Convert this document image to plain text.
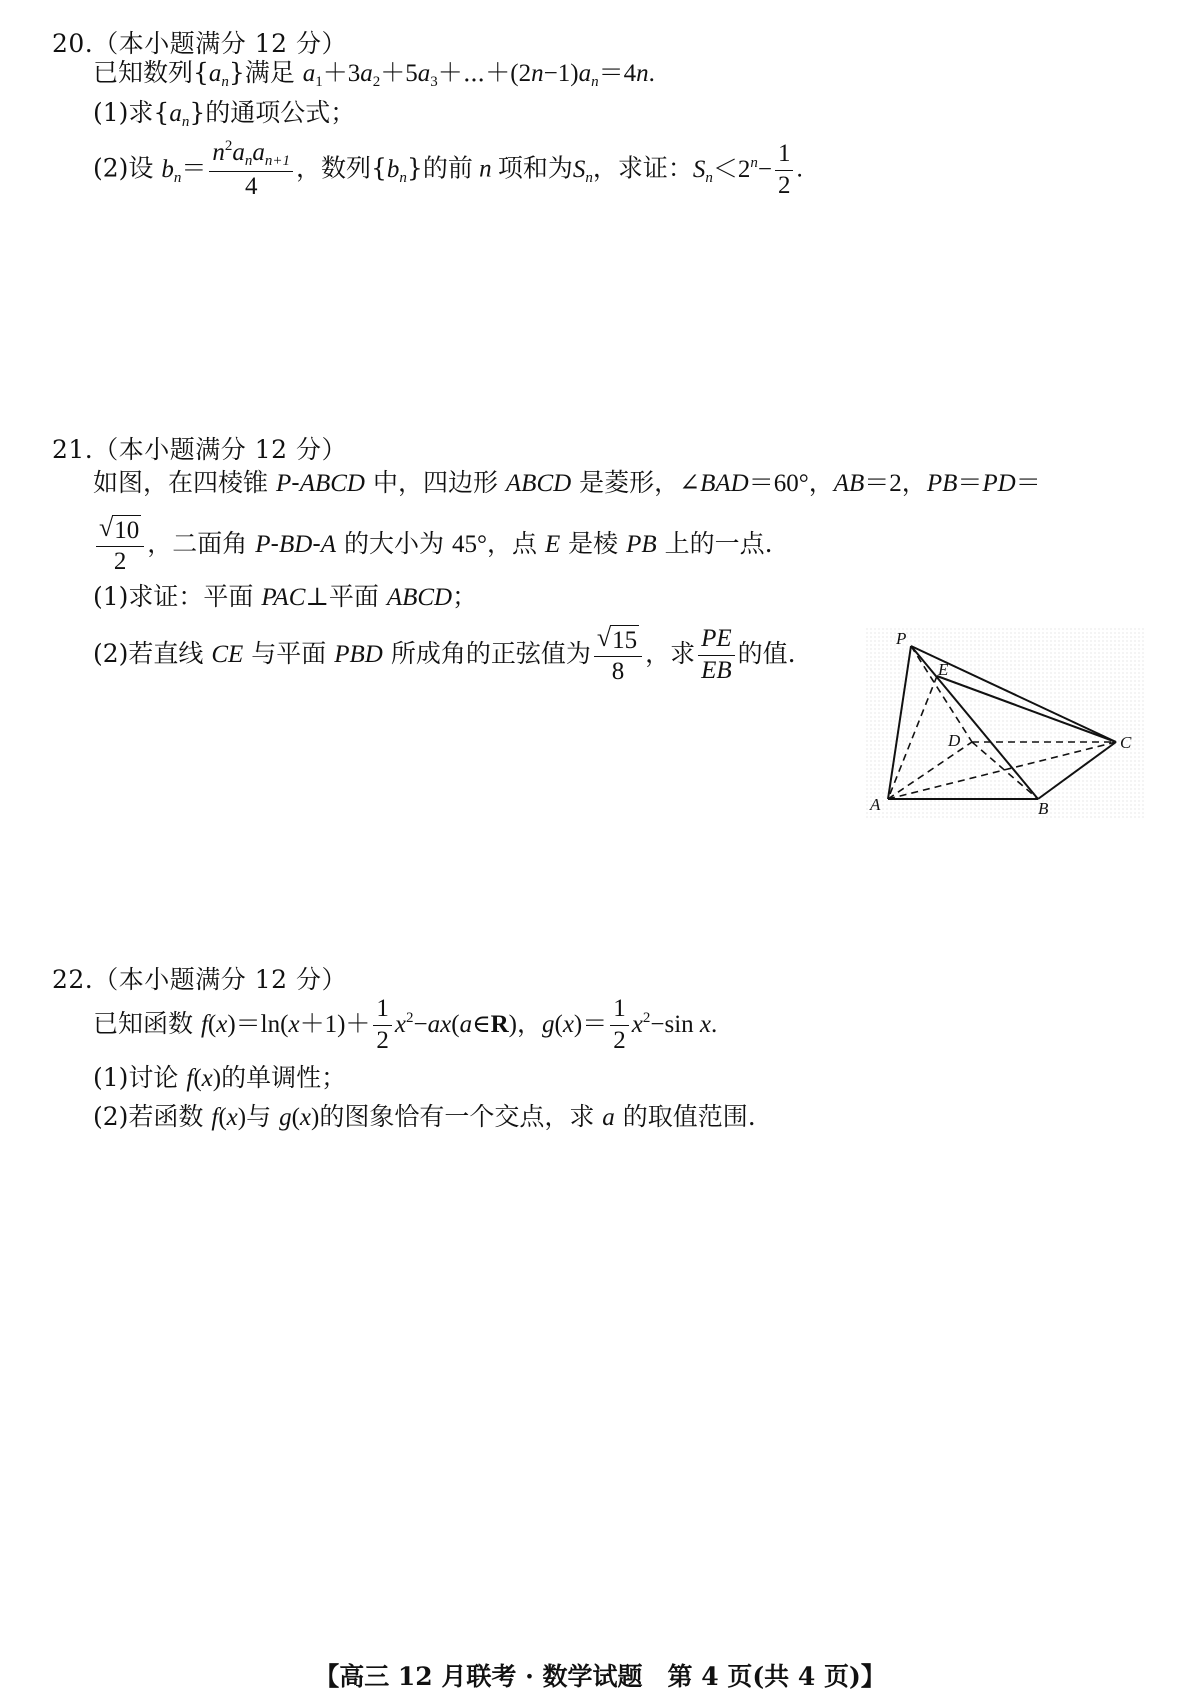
20.（本小题满分 12 分）
已知数列$\{a_n\}$满足 $a_1+3a_2+5a_3+\cdots+(2n-1)a_n=4n$.
(1)求$\{a_n\}$的通项公式；
(2)设 $b_n= \frac{n^2a_na_{n+1}}{4}$ ，数列$\{b_n\}$的前 n 项和为$S_n$，求证：$S_n<2^n- \frac{1}{2}$ .
21.（本小题满分 12 分）
如图，在四棱锥 P-ABCD 中，四边形 ABCD 是菱形，∠BAD＝60°，AB＝2，PB＝PD＝
$\frac{√ 10}{2}$ ，二面角 P-BD-A 的大小为 45°，点 E 是棱 PB 上的一点.
(1)求证：平面 PAC⊥平面 ABCD；
(2)若直线 CE 与平面 PBD 所成角的正弦值为 $\frac{√ 15}{8}$ ，求 $\frac{PE}{EB}$ 的值.
P
E
D	C
A	B
22.（本小题满分 12 分）
已知函数 $f(x)=\ln(x+1)+ \frac{1}{2}$ $x^2-ax(a\in R)$，$g(x)= \frac{1}{2} x^2-\sin$ x.
(1)讨论 f(x)的单调性；
(2)若函数 f(x)与 g(x)的图象恰有一个交点，求 a 的取值范围.
【高三 12 月联考 · 数学试题　第 4 页(共 4 页)】
